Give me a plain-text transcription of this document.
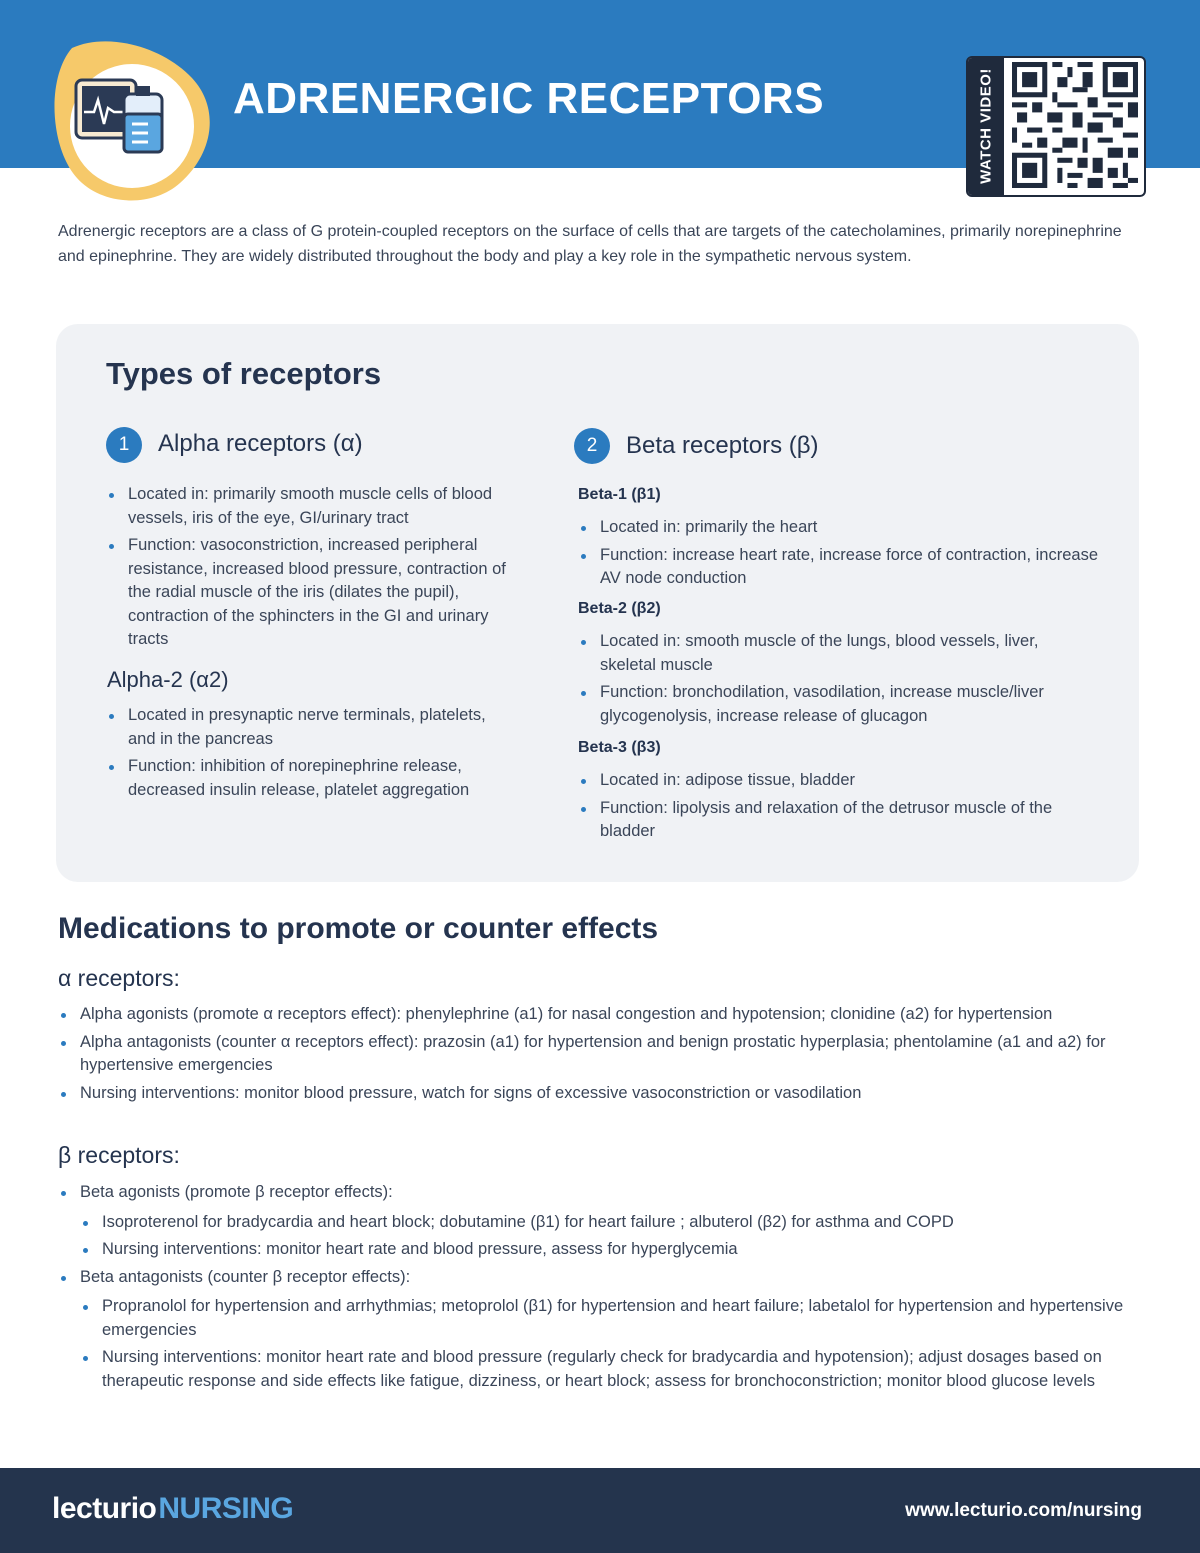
ADRENERGIC RECEPTORS	WATCH VIDEO!

Adrenergic receptors are a class of G protein-coupled receptors on the surface of cells that are targets of the catecholamines, primarily norepinephrine and epinephrine. They are widely distributed throughout the body and play a key role in the sympathetic nervous system.

Types of receptors
1	Alpha receptors (α)
Located in: primarily smooth muscle cells of blood vessels, iris of the eye, GI/urinary tract
Function: vasoconstriction, increased peripheral resistance, increased blood pressure, contraction of the radial muscle of the iris (dilates the pupil), contraction of the sphincters in the GI and urinary tracts
Alpha-2 (α2)
Located in presynaptic nerve terminals, platelets, and in the pancreas
Function: inhibition of norepinephrine release, decreased insulin release, platelet aggregation
2	Beta receptors (β)
Beta-1 (β1)
Located in: primarily the heart
Function: increase heart rate, increase force of contraction, increase AV node conduction
Beta-2 (β2)
Located in: smooth muscle of the lungs, blood vessels, liver, skeletal muscle
Function: bronchodilation, vasodilation, increase muscle/liver glycogenolysis, increase release of glucagon
Beta-3 (β3)
Located in: adipose tissue, bladder
Function: lipolysis and relaxation of the detrusor muscle of the bladder
Medications to promote or counter effects
α receptors:
Alpha agonists (promote α receptors effect): phenylephrine (a1) for nasal congestion and hypotension; clonidine (a2) for hypertension
Alpha antagonists (counter α receptors effect): prazosin (a1) for hypertension and benign prostatic hyperplasia; phentolamine (a1 and a2) for hypertensive emergencies
Nursing interventions: monitor blood pressure, watch for signs of excessive vasoconstriction or vasodilation
β receptors:
Beta agonists (promote β receptor effects):
Isoproterenol for bradycardia and heart block; dobutamine (β1) for heart failure ; albuterol (β2) for asthma and COPD
Nursing interventions: monitor heart rate and blood pressure, assess for hyperglycemia
Beta antagonists (counter β receptor effects):
Propranolol for hypertension and arrhythmias; metoprolol (β1) for hypertension and heart failure; labetalol for hypertension and hypertensive emergencies
Nursing interventions: monitor heart rate and blood pressure (regularly check for bradycardia and hypotension); adjust dosages based on therapeutic response and side effects like fatigue, dizziness, or heart block; assess for bronchoconstriction; monitor blood glucose levels
lecturioNURSING	www.lecturio.com/nursing
